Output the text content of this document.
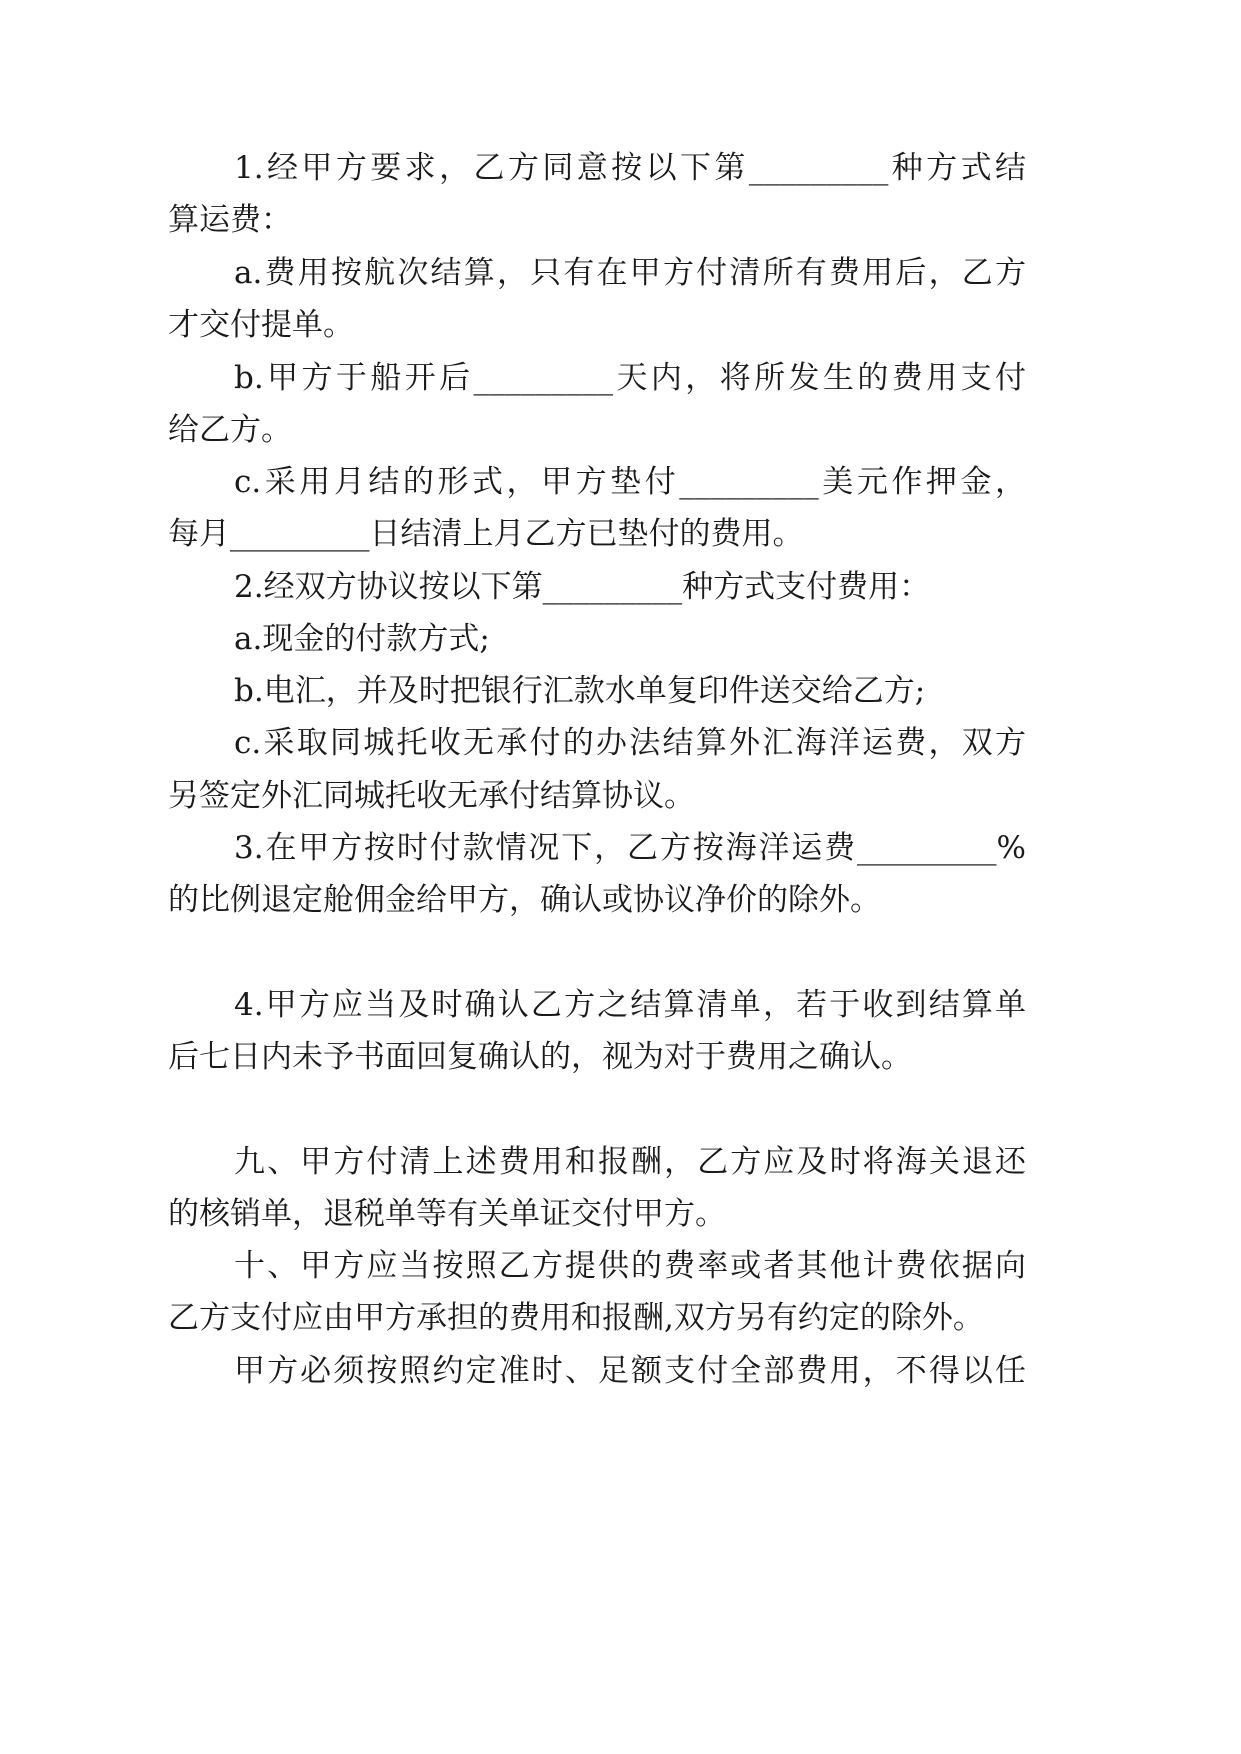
1.经甲方要求，乙方同意按以下第_________种方式结
算运费：
a.费用按航次结算，只有在甲方付清所有费用后，乙方
才交付提单。
b.甲方于船开后_________天内，将所发生的费用支付
给乙方。
c.采用月结的形式，甲方垫付_________美元作押金，
每月_________日结清上月乙方已垫付的费用。
2.经双方协议按以下第_________种方式支付费用：
a.现金的付款方式;
b.电汇，并及时把银行汇款水单复印件送交给乙方;
c.采取同城托收无承付的办法结算外汇海洋运费，双方
另签定外汇同城托收无承付结算协议。
3.在甲方按时付款情况下，乙方按海洋运费_________%
的比例退定舱佣金给甲方，确认或协议净价的除外。
4.甲方应当及时确认乙方之结算清单，若于收到结算单
后七日内未予书面回复确认的，视为对于费用之确认。
九、甲方付清上述费用和报酬，乙方应及时将海关退还
的核销单，退税单等有关单证交付甲方。
十、甲方应当按照乙方提供的费率或者其他计费依据向
乙方支付应由甲方承担的费用和报酬,双方另有约定的除外。
甲方必须按照约定准时、足额支付全部费用，不得以任
